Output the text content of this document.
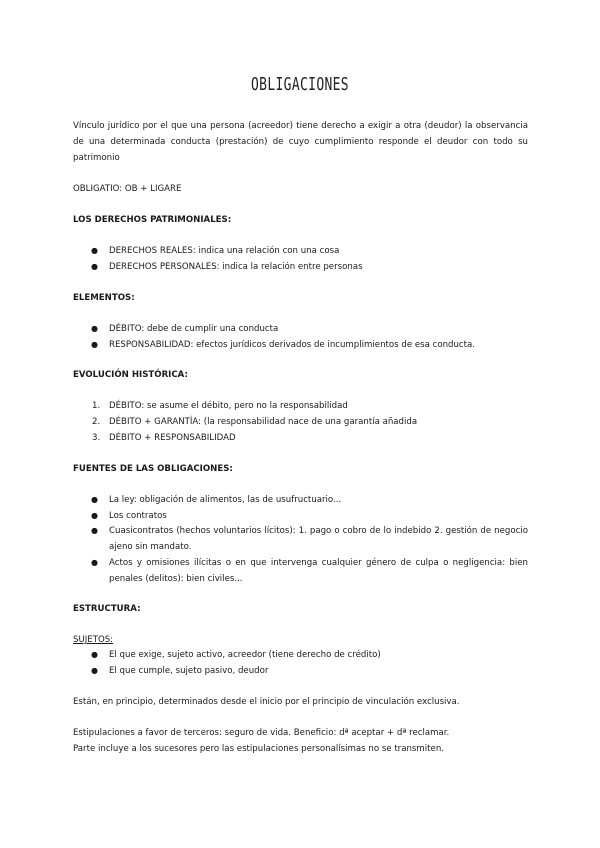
OBLIGACIONES
Vínculo jurídico por el que una persona (acreedor) tiene derecho a exigir a otra (deudor) la observancia de una determinada conducta (prestación) de cuyo cumplimiento responde el deudor con todo su patrimonio
OBLIGATIO: OB + LIGARE
LOS DERECHOS PATRIMONIALES:
● DERECHOS REALES: indica una relación con una cosa
● DERECHOS PERSONALES: indica la relación entre personas
ELEMENTOS:
● DÉBITO: debe de cumplir una conducta
● RESPONSABILIDAD: efectos jurídicos derivados de incumplimientos de esa conducta.
EVOLUCIÓN HISTÓRICA:
1. DÉBITO: se asume el débito, pero no la responsabilidad
2. DÉBITO + GARANTÍA: (la responsabilidad nace de una garantía añadida
3. DÉBITO + RESPONSABILIDAD
FUENTES DE LAS OBLIGACIONES:
● La ley: obligación de alimentos, las de usufructuario...
● Los contratos
● Cuasicontratos (hechos voluntarios lícitos): 1. pago o cobro de lo indebido 2. gestión de negocio ajeno sin mandato.
● Actos y omisiones ilícitas o en que intervenga cualquier género de culpa o negligencia: bien penales (delitos): bien civiles...
ESTRUCTURA:
SUJETOS:
● El que exige, sujeto activo, acreedor (tiene derecho de crédito)
● El que cumple, sujeto pasivo, deudor
Están, en principio, determinados desde el inicio por el principio de vinculación exclusiva.
Estipulaciones a favor de terceros: seguro de vida. Beneficio: dª aceptar + dª reclamar.
Parte incluye a los sucesores pero las estipulaciones personalísimas no se transmiten.
